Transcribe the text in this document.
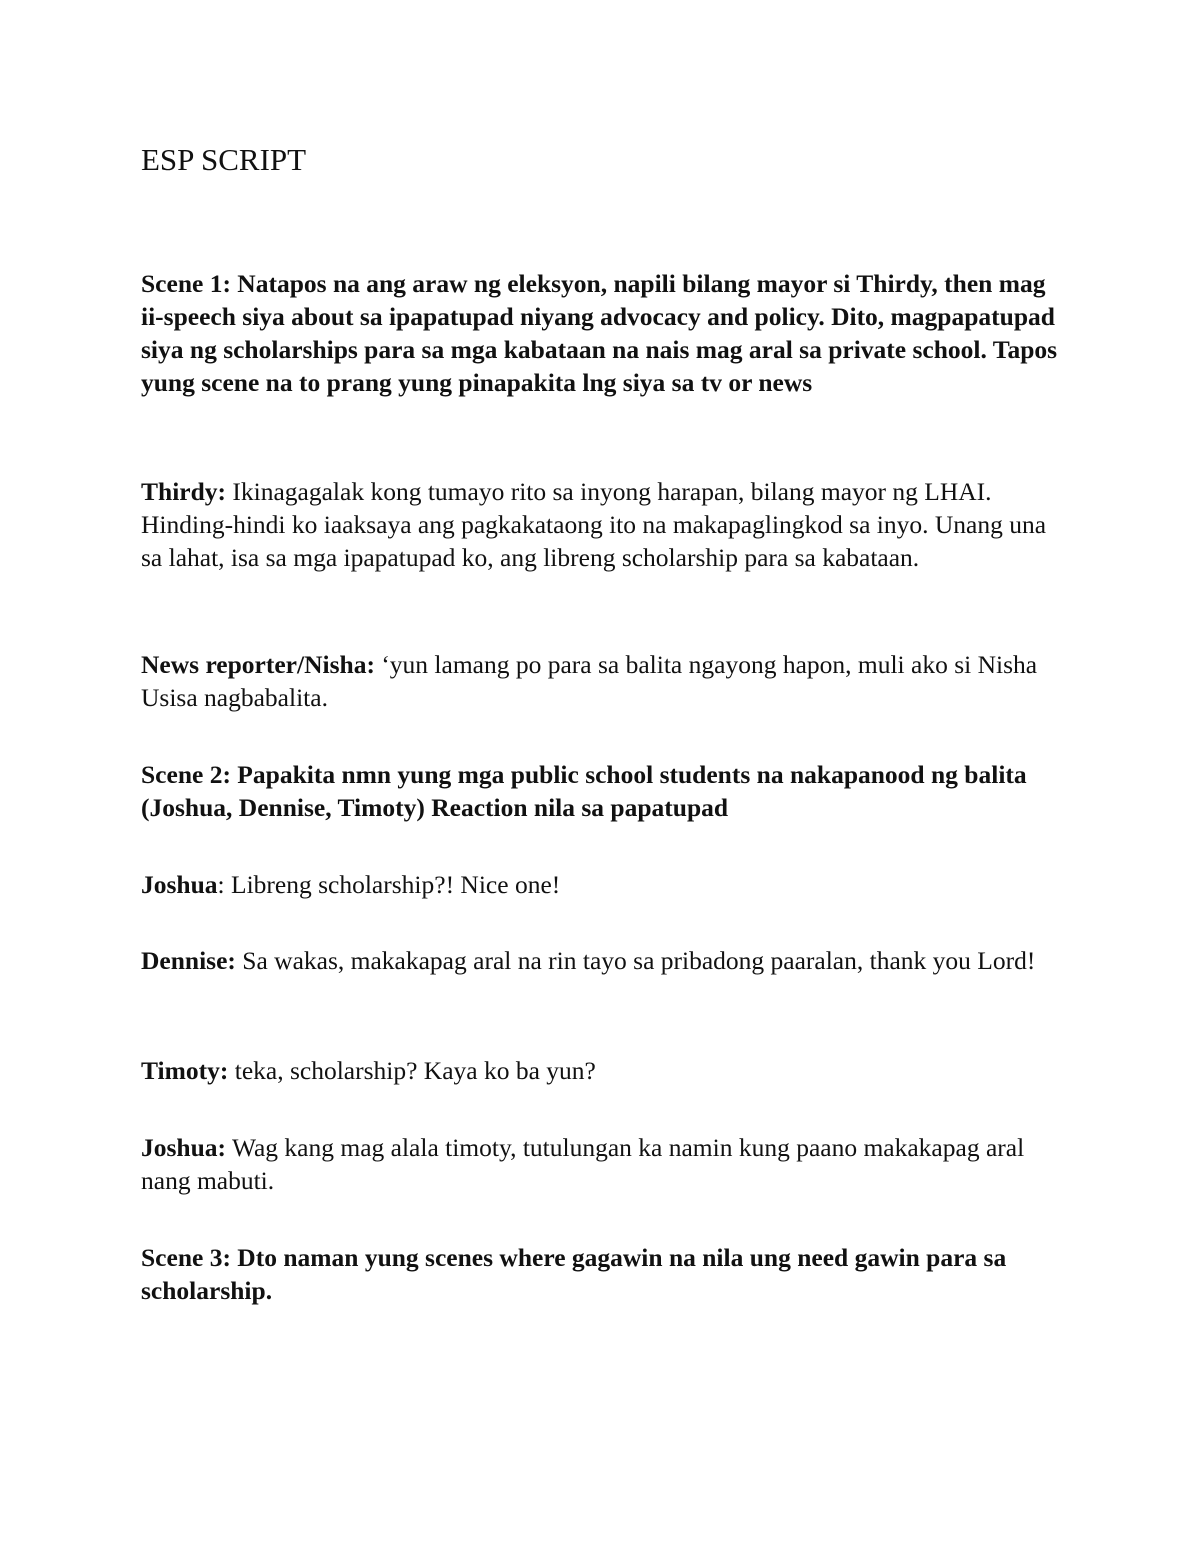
ESP SCRIPT

Scene 1: Natapos na ang araw ng eleksyon, napili bilang mayor si Thirdy, then mag ii-speech siya about sa ipapatupad niyang advocacy and policy. Dito, magpapatupad siya ng scholarships para sa mga kabataan na nais mag aral sa private school. Tapos yung scene na to prang yung pinapakita lng siya sa tv or news

Thirdy: Ikinagagalak kong tumayo rito sa inyong harapan, bilang mayor ng LHAI. Hinding-hindi ko iaaksaya ang pagkakataong ito na makapaglingkod sa inyo. Unang una sa lahat, isa sa mga ipapatupad ko, ang libreng scholarship para sa kabataan.

News reporter/Nisha: ‘yun lamang po para sa balita ngayong hapon, muli ako si Nisha Usisa nagbabalita.

Scene 2: Papakita nmn yung mga public school students na nakapanood ng balita (Joshua, Dennise, Timoty) Reaction nila sa papatupad

Joshua: Libreng scholarship?! Nice one!

Dennise: Sa wakas, makakapag aral na rin tayo sa pribadong paaralan, thank you Lord!

Timoty: teka, scholarship? Kaya ko ba yun?

Joshua: Wag kang mag alala timoty, tutulungan ka namin kung paano makakapag aral nang mabuti.

Scene 3: Dto naman yung scenes where gagawin na nila ung need gawin para sa scholarship.
